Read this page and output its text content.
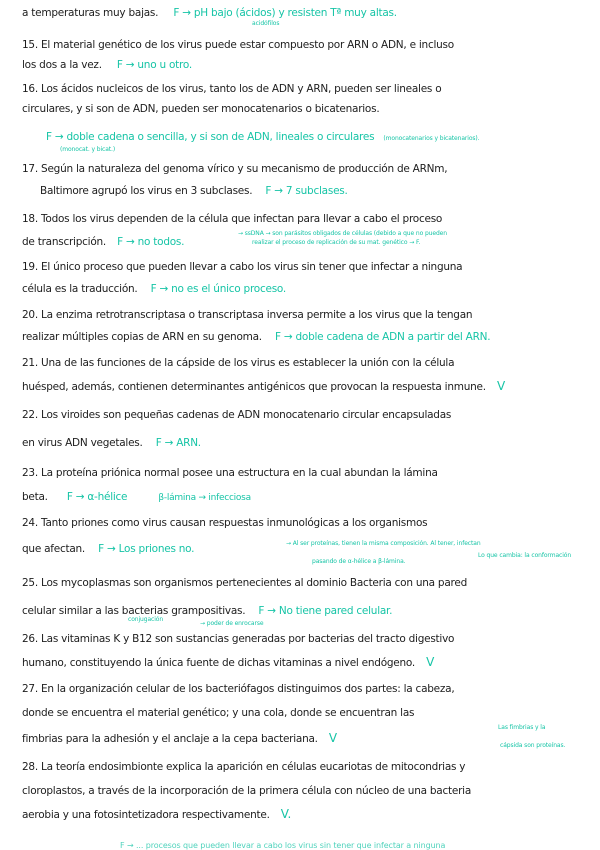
a temperaturas muy bajas. F → pH bajo (ácidos) y resisten Tª muy altas.
acidófilos
15. El material genético de los virus puede estar compuesto por ARN o ADN, e incluso
los dos a la vez. F → uno u otro.
16. Los ácidos nucleicos de los virus, tanto los de ADN y ARN, pueden ser lineales o
circulares, y si son de ADN, pueden ser monocatenarios o bicatenarios.
F → doble cadena o sencilla, y si son de ADN, lineales o circulares (monocatenarios y bicatenarios).
(monocat. y bicat.)
17. Según la naturaleza del genoma vírico y su mecanismo de producción de ARNm,
Baltimore agrupó los virus en 3 subclases. F → 7 subclases.
18. Todos los virus dependen de la célula que infectan para llevar a cabo el proceso
de transcripción. F → no todos.
→ ssDNA → son parásitos obligados de células (debido a que no pueden
realizar el proceso de replicación de su mat. genético → F.
19. El único proceso que pueden llevar a cabo los virus sin tener que infectar a ninguna
célula es la traducción. F → no es el único proceso.
20. La enzima retrotranscriptasa o transcriptasa inversa permite a los virus que la tengan
realizar múltiples copias de ARN en su genoma. F → doble cadena de ADN a partir del ARN.
21. Una de las funciones de la cápside de los virus es establecer la unión con la célula
huésped, además, contienen determinantes antigénicos que provocan la respuesta inmune. V
22. Los viroides son pequeñas cadenas de ADN monocatenario circular encapsuladas
en virus ADN vegetales. F → ARN.
23. La proteína priónica normal posee una estructura en la cual abundan la lámina
beta. F → α-hélice	β-lámina → infecciosa
24. Tanto priones como virus causan respuestas inmunológicas a los organismos
que afectan. F → Los priones no.	→ Al ser proteínas, tienen la misma composición. Al tener, infectan
pasando de α-hélice a β-lámina.
Lo que cambia: la conformación
25. Los mycoplasmas son organismos pertenecientes al dominio Bacteria con una pared
celular similar a las bacterias grampositivas. F → No tiene pared celular.
conjugación
→ poder de enrocarse
26. Las vitaminas K y B12 son sustancias generadas por bacterias del tracto digestivo
humano, constituyendo la única fuente de dichas vitaminas a nivel endógeno. V
27. En la organización celular de los bacteriófagos distinguimos dos partes: la cabeza,
donde se encuentra el material genético; y una cola, donde se encuentran las
fimbrias para la adhesión y el anclaje a la cepa bacteriana. V
Las fimbrias y la
cápsida son proteínas.
28. La teoría endosimbionte explica la aparición en células eucariotas de mitocondrias y
cloroplastos, a través de la incorporación de la primera célula con núcleo de una bacteria
aerobia y una fotosintetizadora respectivamente. V.
F → ... procesos que pueden llevar a cabo los virus sin tener que infectar a ninguna
